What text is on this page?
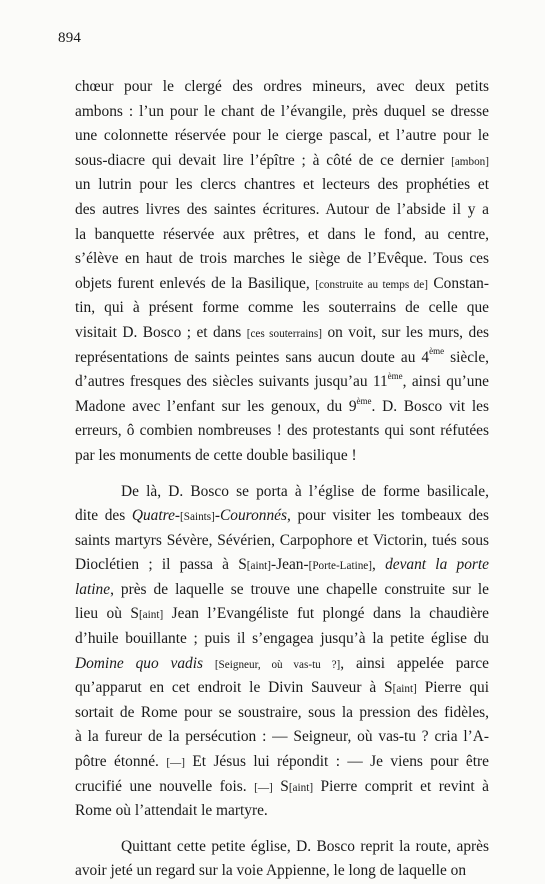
894
chœur pour le clergé des ordres mineurs, avec deux petits
ambons : l’un pour le chant de l’évangile, près duquel se dresse
une colonnette réservée pour le cierge pascal, et l’autre pour le
sous-diacre qui devait lire l’épître ; à côté de ce dernier [ambon]
un lutrin pour les clercs chantres et lecteurs des prophéties et
des autres livres des saintes écritures. Autour de l’abside il y a
la banquette réservée aux prêtres, et dans le fond, au centre,
s’élève en haut de trois marches le siège de l’Evêque. Tous ces
objets furent enlevés de la Basilique, [construite au temps de] Constan-
tin, qui à présent forme comme les souterrains de celle que
visitait D. Bosco ; et dans [ces souterrains] on voit, sur les murs, des
représentations de saints peintes sans aucun doute au 4ème siècle,
d’autres fresques des siècles suivants jusqu’au 11ème, ainsi qu’une
Madone avec l’enfant sur les genoux, du 9ème. D. Bosco vit les
erreurs, ô combien nombreuses ! des protestants qui sont réfutées
par les monuments de cette double basilique !
De là, D. Bosco se porta à l’église de forme basilicale,
dite des Quatre-[Saints]-Couronnés, pour visiter les tombeaux des
saints martyrs Sévère, Sévérien, Carpophore et Victorin, tués sous
Dioclétien ; il passa à S[aint]-Jean-[Porte-Latine], devant la porte
latine, près de laquelle se trouve une chapelle construite sur le
lieu où S[aint] Jean l’Evangéliste fut plongé dans la chaudière
d’huile bouillante ; puis il s’engagea jusqu’à la petite église du
Domine quo vadis [Seigneur, où vas-tu ?], ainsi appelée parce
qu’apparut en cet endroit le Divin Sauveur à S[aint] Pierre qui
sortait de Rome pour se soustraire, sous la pression des fidèles,
à la fureur de la persécution : — Seigneur, où vas-tu ? cria l’A-
pôtre étonné. [—] Et Jésus lui répondit : — Je viens pour être
crucifié une nouvelle fois. [—] S[aint] Pierre comprit et revint à
Rome où l’attendait le martyre.
Quittant cette petite église, D. Bosco reprit la route, après
avoir jeté un regard sur la voie Appienne, le long de laquelle on
